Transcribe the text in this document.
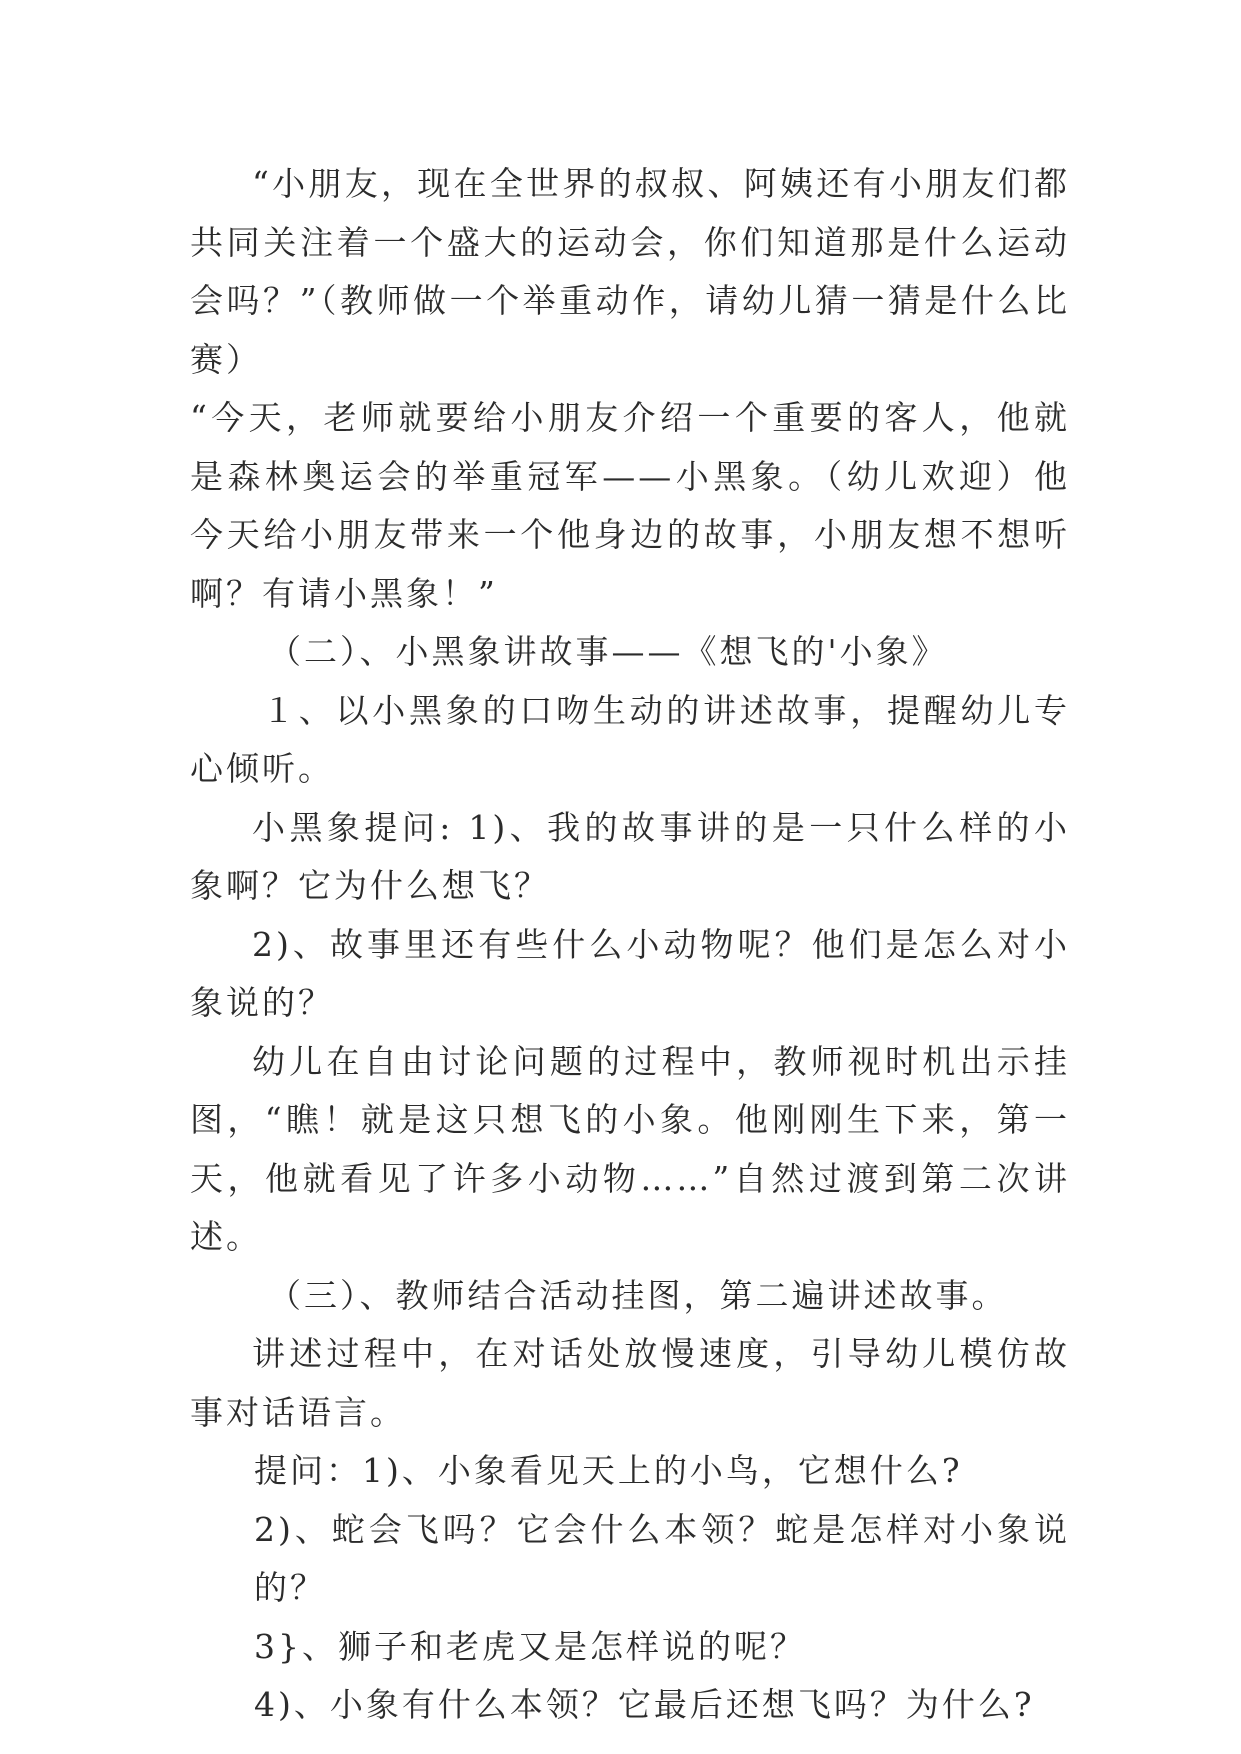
“小朋友，现在全世界的叔叔、阿姨还有小朋友们都共同关注着一个盛大的运动会，你们知道那是什么运动会吗？”（教师做一个举重动作，请幼儿猜一猜是什么比赛）

“今天，老师就要给小朋友介绍一个重要的客人，他就是森林奥运会的举重冠军——小黑象。（幼儿欢迎）他今天给小朋友带来一个他身边的故事，小朋友想不想听啊？有请小黑象！”

（二）、小黑象讲故事——《想飞的'小象》

１、以小黑象的口吻生动的讲述故事，提醒幼儿专心倾听。

小黑象提问: 1)、我的故事讲的是一只什么样的小象啊？它为什么想飞？

2)、故事里还有些什么小动物呢？他们是怎么对小象说的？

幼儿在自由讨论问题的过程中，教师视时机出示挂图，“瞧！就是这只想飞的小象。他刚刚生下来，第一天，他就看见了许多小动物……”自然过渡到第二次讲述。

（三）、教师结合活动挂图，第二遍讲述故事。

讲述过程中，在对话处放慢速度，引导幼儿模仿故事对话语言。

提问：1)、小象看见天上的小鸟，它想什么?

2)、蛇会飞吗？它会什么本领？蛇是怎样对小象说的？

3}、狮子和老虎又是怎样说的呢？

4)、小象有什么本领？它最后还想飞吗？为什么?
